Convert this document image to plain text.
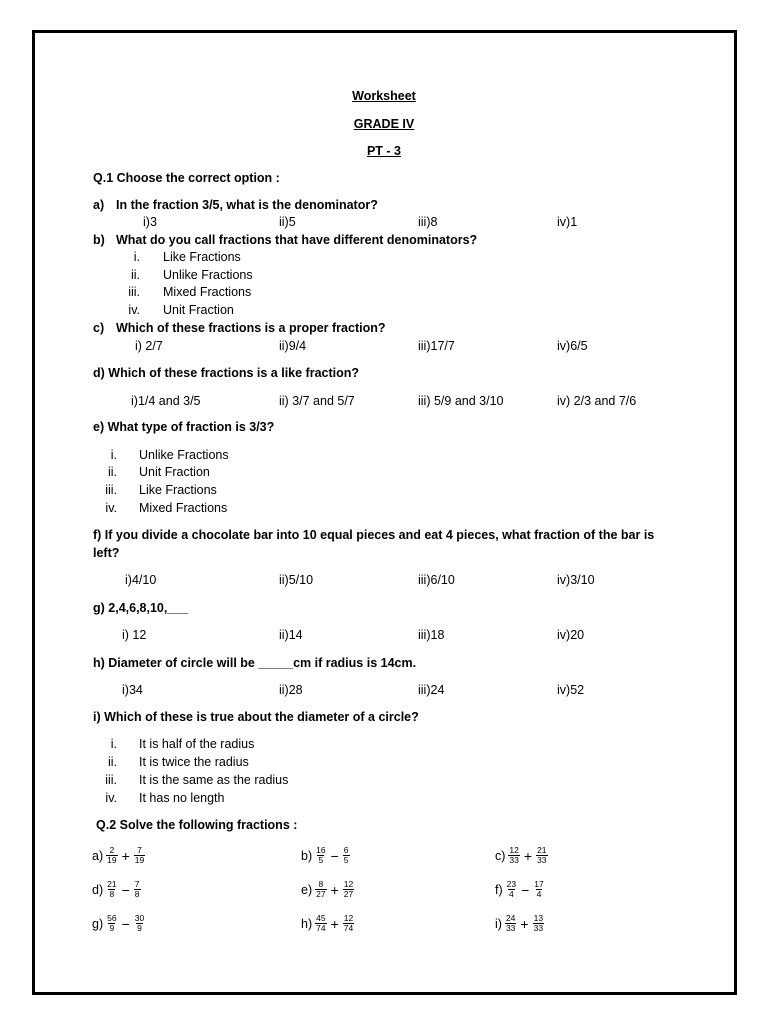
Worksheet
GRADE IV
PT - 3
Q.1 Choose the correct option :
a) In the fraction 3/5, what is the denominator?
i)3	ii)5	iii)8	iv)1
b) What do you call fractions that have different denominators?
i. Like Fractions
ii. Unlike Fractions
iii. Mixed Fractions
iv. Unit Fraction
c) Which of these fractions is a proper fraction?
i) 2/7	ii)9/4	iii)17/7	iv)6/5
d) Which of these fractions is a like fraction?
i)1/4 and 3/5	ii) 3/7 and 5/7	iii) 5/9 and 3/10	iv) 2/3 and 7/6
e) What type of fraction is 3/3?
i. Unlike Fractions
ii. Unit Fraction
iii. Like Fractions
iv. Mixed Fractions
f) If you divide a chocolate bar into 10 equal pieces and eat 4 pieces, what fraction of the bar is
left?
i)4/10	ii)5/10	iii)6/10	iv)3/10
g) 2,4,6,8,10,___
i) 12	ii)14	iii)18	iv)20
h) Diameter of circle will be _____cm if radius is 14cm.
i)34	ii)28	iii)24	iv)52
i) Which of these is true about the diameter of a circle?
i. It is half of the radius
ii. It is twice the radius
iii. It is the same as the radius
iv. It has no length
Q.2 Solve the following fractions :
$a) \frac{2}{19} + \frac{7}{19}$	$b) \frac{16}{5} - \frac{6}{5}$	$c) \frac{12}{33} + \frac{21}{33}$
$d) \frac{21}{8} - \frac{7}{8}$	$e) \frac{8}{27} + \frac{12}{27}$	$f) \frac{23}{4} - \frac{17}{4}$
$g) \frac{56}{9} - \frac{30}{9}$	$h) \frac{45}{74} + \frac{12}{74}$	$i) \frac{24}{33} + \frac{13}{33}$
